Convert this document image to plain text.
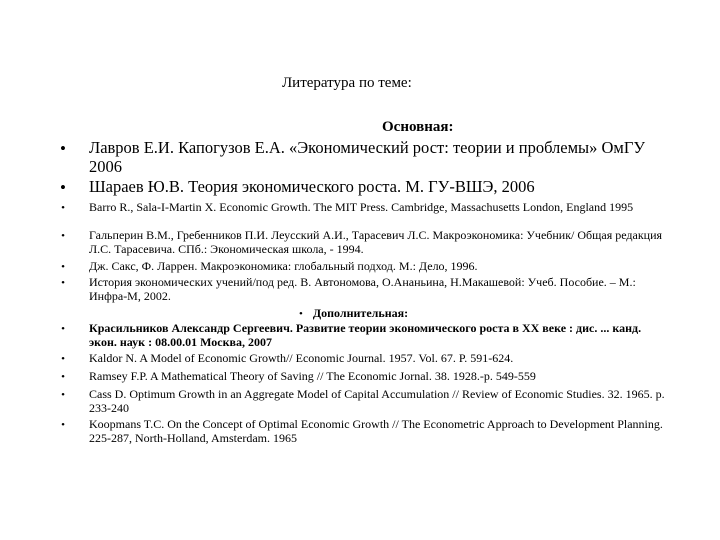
Литература по теме:
Основная:
• Лавров Е.И. Капогузов Е.А. «Экономический рост: теории и проблемы» ОмГУ 2006
• Шараев Ю.В. Теория экономического роста. М. ГУ-ВШЭ, 2006
•	Barro R., Sala-I-Martin X. Economic Growth. The MIT Press. Cambridge, Massachusetts London, England 1995
•	Гальперин В.М., Гребенников П.И. Леусский А.И., Тарасевич Л.С. Макроэкономика: Учебник/ Общая редакция Л.С. Тарасевича. СПб.: Экономическая школа, - 1994.
•	Дж. Сакс, Ф. Ларрен. Макроэкономика: глобальный подход. М.: Дело, 1996.
•	История экономических учений/под ред. В. Автономова, О.Ананьина, Н.Макашевой: Учеб. Пособие. – М.: Инфра-М, 2002.
• Дополнительная:
•	Красильников Александр Сергеевич. Развитие теории экономического роста в XX веке : дис. ... канд. экон. наук : 08.00.01 Москва, 2007
•	Kaldor N. A Model of Economic Growth// Economic Journal. 1957. Vol. 67. P. 591-624.
•	Ramsey F.P. A Mathematical Theory of Saving // The Economic Jornal. 38. 1928.-p. 549-559
•	Cass D. Optimum Growth in an Aggregate Model of Capital Accumulation // Review of Economic Studies. 32. 1965. p. 233-240
•	Koopmans T.C. On the Concept of Optimal Economic Growth // The Econometric Approach to Development Planning. 225-287, North-Holland, Amsterdam. 1965
